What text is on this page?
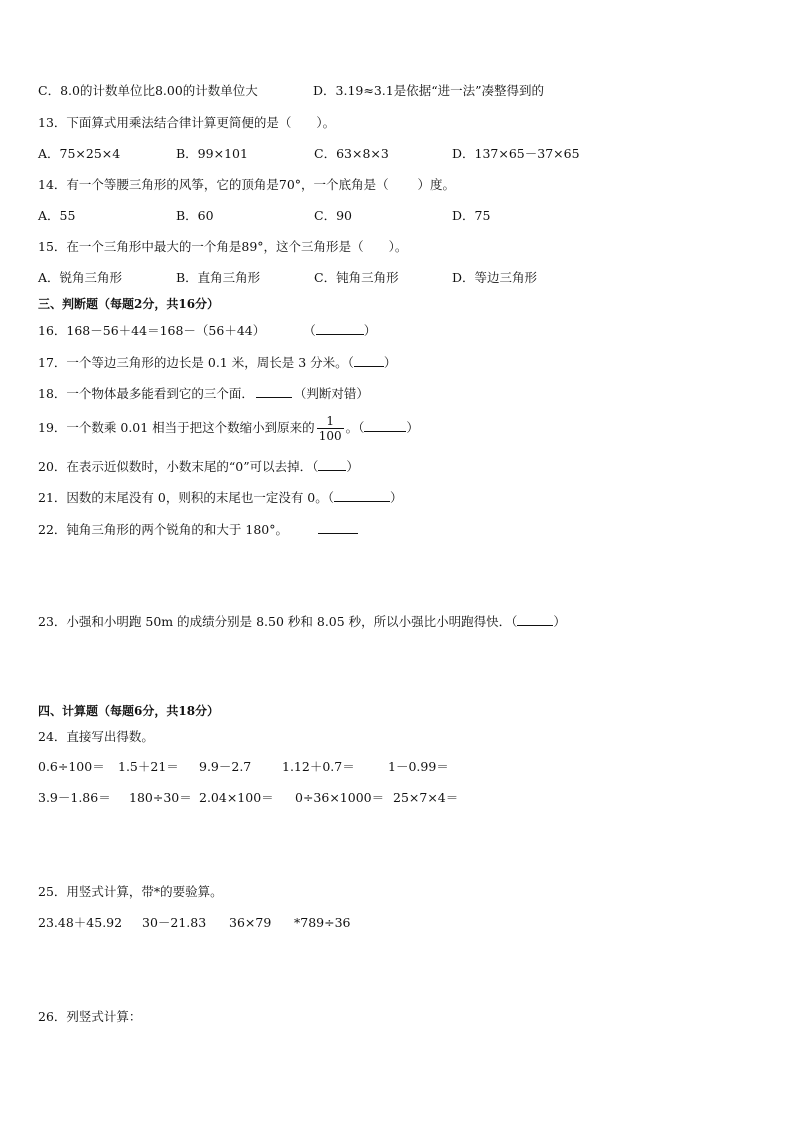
C．8.0的计数单位比8.00的计数单位大	D．3.19≈3.1是依据“进一法”凑整得到的
13．下面算式用乘法结合律计算更简便的是（　　）。
A．75×25×4	B．99×101	C．63×8×3	D．137×65－37×65
14．有一个等腰三角形的风筝，它的顶角是70°，一个底角是（　　 ）度。
A．55	B．60	C．90	D．75
15．在一个三角形中最大的一个角是89°，这个三角形是（　　）。
A．锐角三角形	B．直角三角形	C．钝角三角形	D．等边三角形
三、判断题（每题2分，共16分）
16．168－56＋44＝168－（56＋44）	（	）
17．一个等边三角形的边长是 0.1 米，周长是 3 分米。（ ）
18．一个物体最多能看到它的三个面．	（判断对错）
19．一个数乘 0.01 相当于把这个数缩小到原来的 $\frac{1}{100}$ 。（	）
20．在表示近似数时，小数末尾的“0”可以去掉．（ ）
21．因数的末尾没有 0，则积的末尾也一定没有 0。（	）
22．钝角三角形的两个锐角的和大于 180°。
23．小强和小明跑 50m 的成绩分别是 8.50 秒和 8.05 秒，所以小强比小明跑得快．（	）
四、计算题（每题6分，共18分）
24．直接写出得数。
0.6÷100＝ 1.5＋21＝ 9.9－2.7 1.12＋0.7＝	1－0.99＝
3.9－1.86＝ 180÷30＝ 2.04×100＝ 0÷36×1000＝ 25×7×4＝
25．用竖式计算，带*的要验算。
23.48＋45.92 30－21.83 36×79 *789÷36
26．列竖式计算：
